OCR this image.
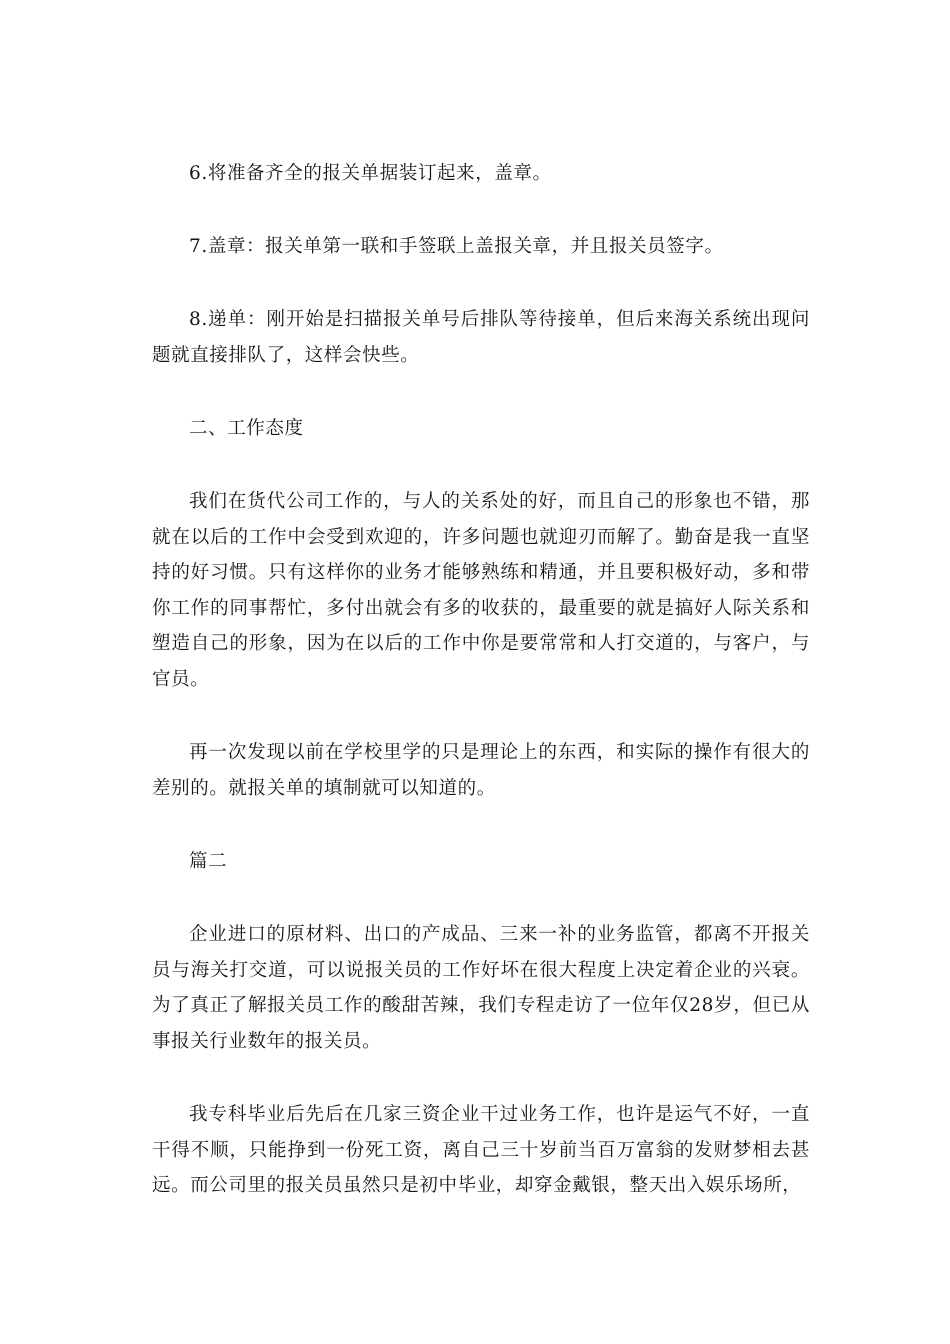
6.将准备齐全的报关单据装订起来，盖章。

7.盖章：报关单第一联和手签联上盖报关章，并且报关员签字。

8.递单：刚开始是扫描报关单号后排队等待接单，但后来海关系统出现问题就直接排队了，这样会快些。

二、工作态度

我们在货代公司工作的，与人的关系处的好，而且自己的形象也不错，那就在以后的工作中会受到欢迎的，许多问题也就迎刃而解了。勤奋是我一直坚持的好习惯。只有这样你的业务才能够熟练和精通，并且要积极好动，多和带你工作的同事帮忙，多付出就会有多的收获的，最重要的就是搞好人际关系和塑造自己的形象，因为在以后的工作中你是要常常和人打交道的，与客户，与官员。

再一次发现以前在学校里学的只是理论上的东西，和实际的操作有很大的差别的。就报关单的填制就可以知道的。

篇二

企业进口的原材料、出口的产成品、三来一补的业务监管，都离不开报关员与海关打交道，可以说报关员的工作好坏在很大程度上决定着企业的兴衰。为了真正了解报关员工作的酸甜苦辣，我们专程走访了一位年仅28岁，但已从事报关行业数年的报关员。

我专科毕业后先后在几家三资企业干过业务工作，也许是运气不好，一直干得不顺，只能挣到一份死工资，离自己三十岁前当百万富翁的发财梦相去甚远。而公司里的报关员虽然只是初中毕业，却穿金戴银，整天出入娱乐场所，
